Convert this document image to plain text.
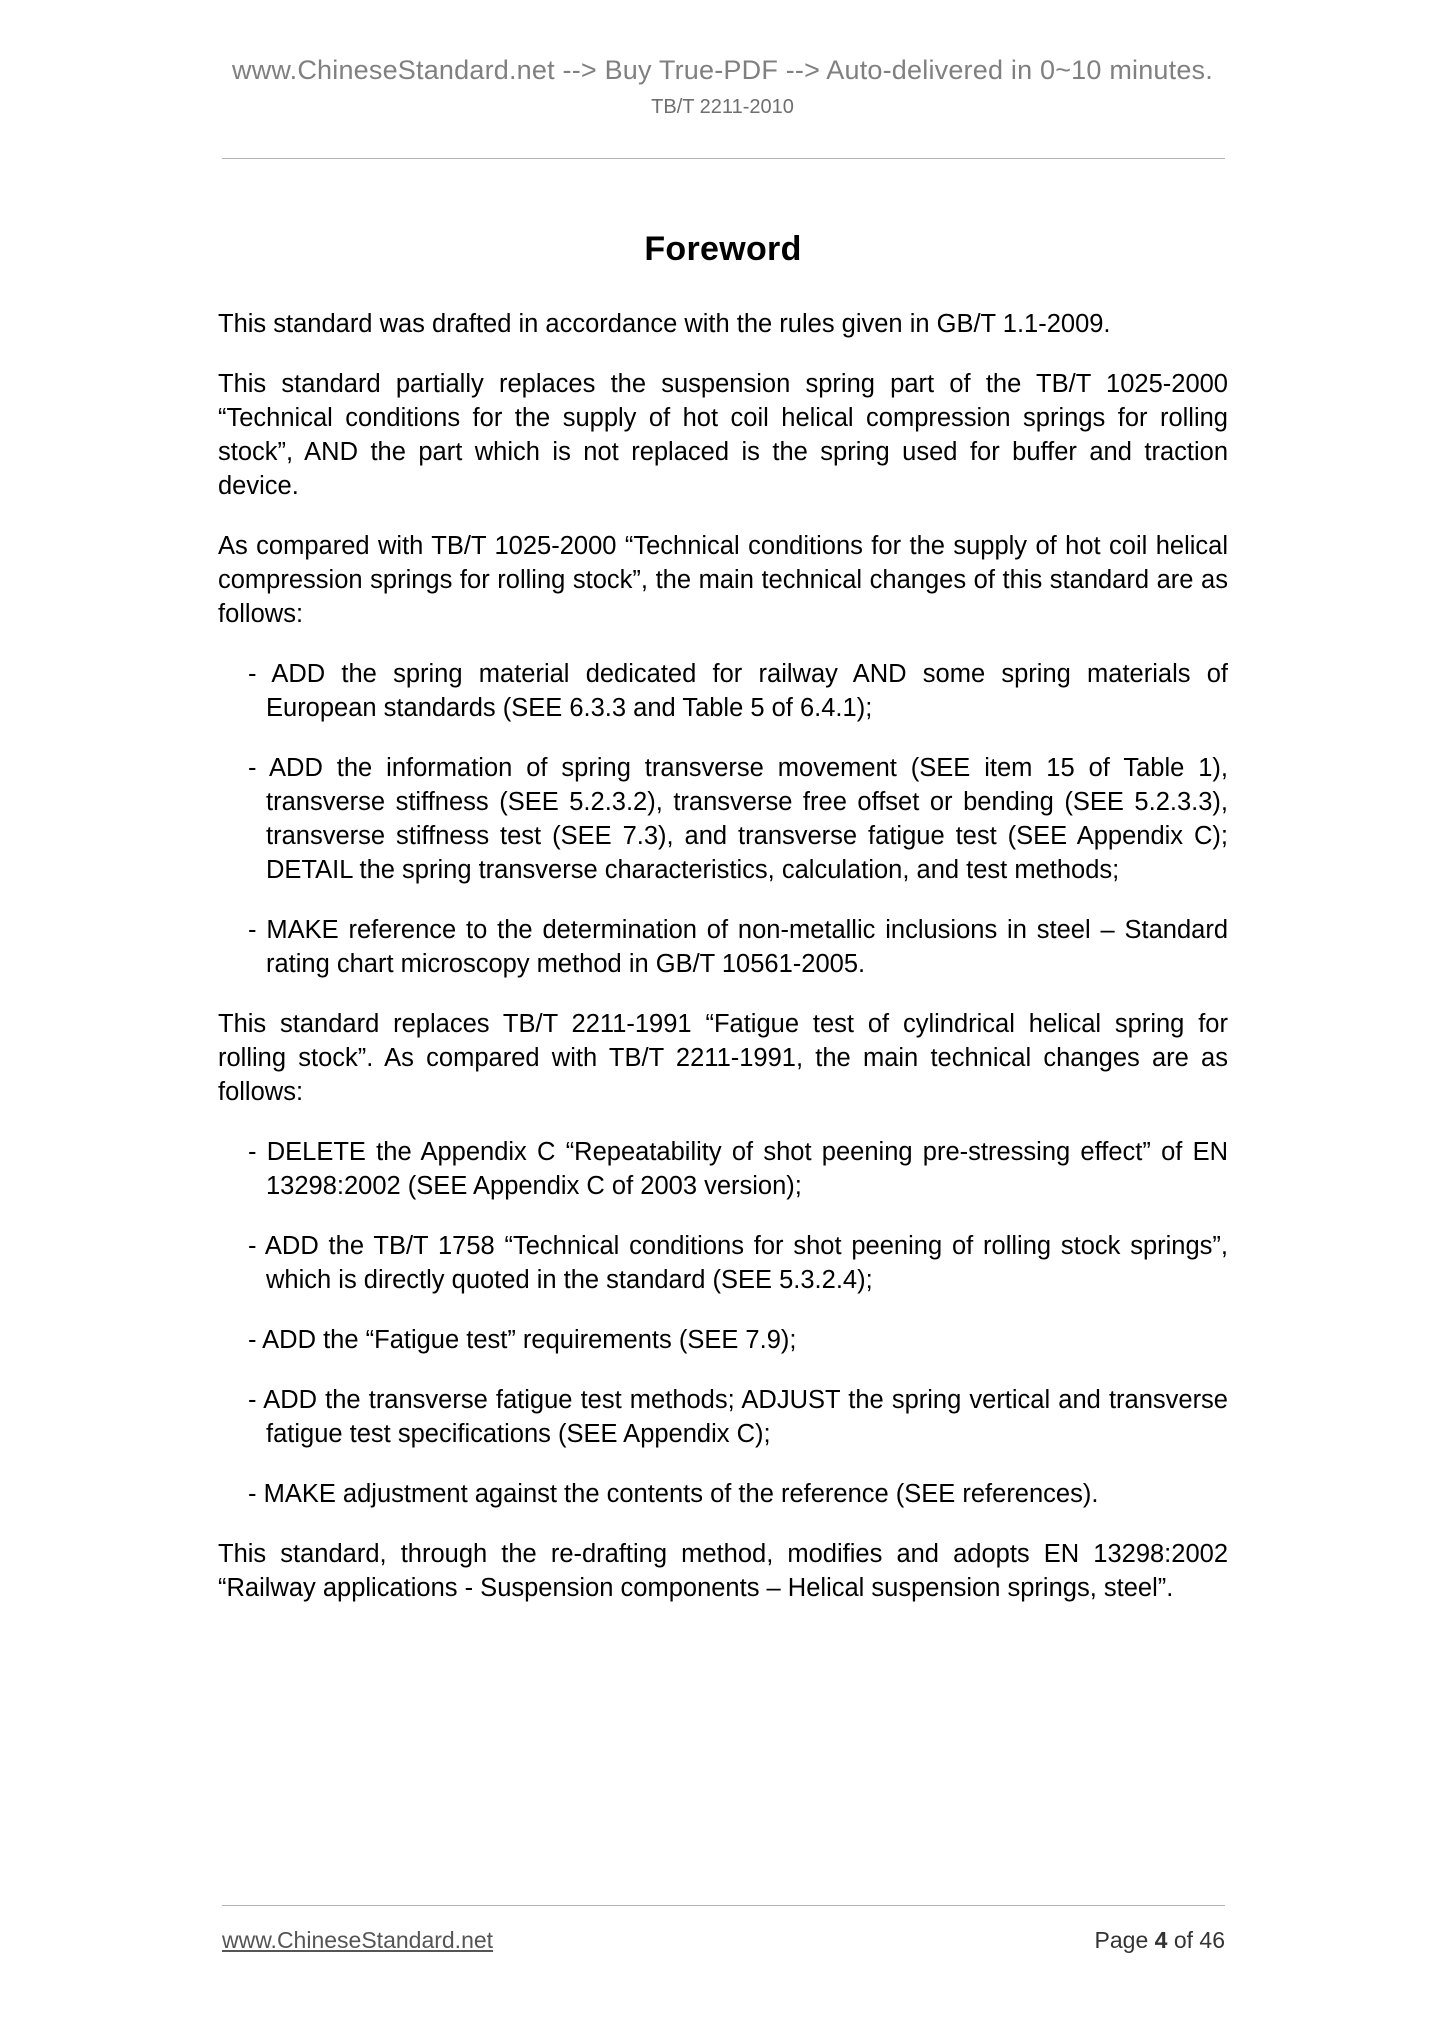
www.ChineseStandard.net --> Buy True-PDF --> Auto-delivered in 0~10 minutes.
TB/T 2211-2010
Foreword

This standard was drafted in accordance with the rules given in GB/T 1.1-2009.

This standard partially replaces the suspension spring part of the TB/T 1025-2000 “Technical conditions for the supply of hot coil helical compression springs for rolling stock”, AND the part which is not replaced is the spring used for buffer and traction device.

As compared with TB/T 1025-2000 “Technical conditions for the supply of hot coil helical compression springs for rolling stock”, the main technical changes of this standard are as follows:

- ADD the spring material dedicated for railway AND some spring materials of European standards (SEE 6.3.3 and Table 5 of 6.4.1);
- ADD the information of spring transverse movement (SEE item 15 of Table 1), transverse stiffness (SEE 5.2.3.2), transverse free offset or bending (SEE 5.2.3.3), transverse stiffness test (SEE 7.3), and transverse fatigue test (SEE Appendix C); DETAIL the spring transverse characteristics, calculation, and test methods;
- MAKE reference to the determination of non-metallic inclusions in steel – Standard rating chart microscopy method in GB/T 10561-2005.

This standard replaces TB/T 2211-1991 “Fatigue test of cylindrical helical spring for rolling stock”. As compared with TB/T 2211-1991, the main technical changes are as follows:

- DELETE the Appendix C “Repeatability of shot peening pre-stressing effect” of EN 13298:2002 (SEE Appendix C of 2003 version);
- ADD the TB/T 1758 “Technical conditions for shot peening of rolling stock springs”, which is directly quoted in the standard (SEE 5.3.2.4);
- ADD the “Fatigue test” requirements (SEE 7.9);
- ADD the transverse fatigue test methods; ADJUST the spring vertical and transverse fatigue test specifications (SEE Appendix C);
- MAKE adjustment against the contents of the reference (SEE references).

This standard, through the re-drafting method, modifies and adopts EN 13298:2002 “Railway applications - Suspension components – Helical suspension springs, steel”.

www.ChineseStandard.net	Page 4 of 46
